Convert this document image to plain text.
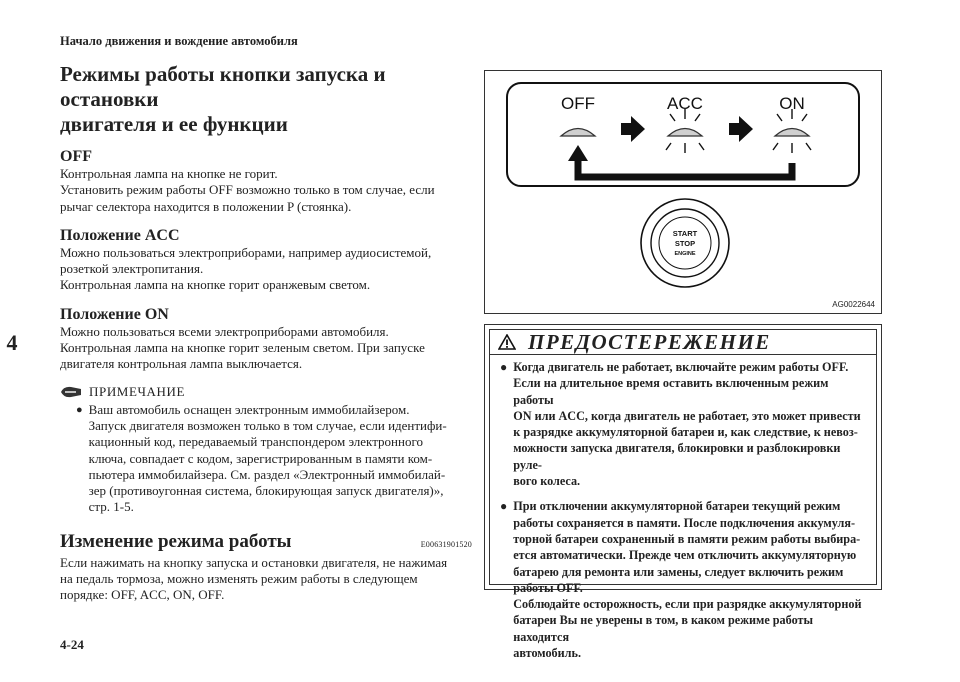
Начало движения и вождение автомобиля
4
4-24
Режимы работы кнопки запуска и остановки
двигателя и ее функции
OFF

Контрольная лампа на кнопке не горит.
Установить режим работы OFF возможно только в том случае, если
рычаг селектора находится в положении P (стоянка).

Положение ACC

Можно пользоваться электроприборами, например аудиосистемой,
розеткой электропитания.
Контрольная лампа на кнопке горит оранжевым светом.

Положение ON

Можно пользоваться всеми электроприборами автомобиля.
Контрольная лампа на кнопке горит зеленым светом. При запуске
двигателя контрольная лампа выключается.

ПРИМЕЧАНИЕ
● Ваш автомобиль оснащен электронным иммобилайзером.
Запуск двигателя возможен только в том случае, если идентифи-
кационный код, передаваемый транспондером электронного
ключа, совпадает с кодом, зарегистрированным в памяти ком-
пьютера иммобилайзера. См. раздел «Электронный иммобилай-
зер (противоугонная система, блокирующая запуск двигателя)»,
стр. 1-5.
Изменение режима работы	E00631901520

Если нажимать на кнопку запуска и остановки двигателя, не нажимая
на педаль тормоза, можно изменять режим работы в следующем
порядке: OFF, ACC, ON, OFF.

OFF	ACC	ON
START
STOP
ENGINE
AG0022644
ПРЕДОСТЕРЕЖЕНИЕ
● Когда двигатель не работает, включайте режим работы OFF.
Если на длительное время оставить включенным режим работы
ON или ACC, когда двигатель не работает, это может привести
к разрядке аккумуляторной батареи и, как следствие, к невоз-
можности запуска двигателя, блокировки и разблокировки руле-
вого колеса.
● При отключении аккумуляторной батареи текущий режим
работы сохраняется в памяти. После подключения аккумуля-
торной батареи сохраненный в памяти режим работы выбира-
ется автоматически. Прежде чем отключить аккумуляторную
батарею для ремонта или замены, следует включить режим
работы OFF.
Соблюдайте осторожность, если при разрядке аккумуляторной
батареи Вы не уверены в том, в каком режиме работы находится
автомобиль.
